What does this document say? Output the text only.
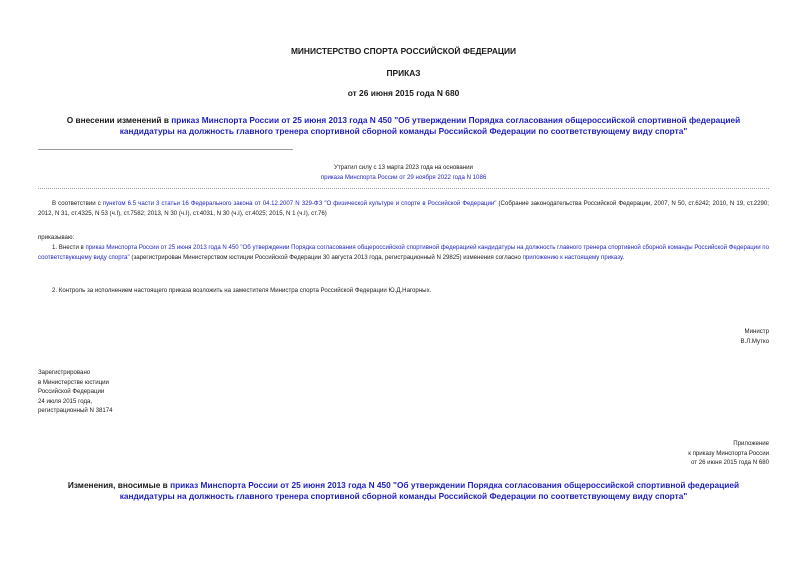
МИНИСТЕРСТВО СПОРТА РОССИЙСКОЙ ФЕДЕРАЦИИ
ПРИКАЗ
от 26 июня 2015 года N 680
О внесении изменений в приказ Минспорта России от 25 июня 2013 года N 450 "Об утверждении Порядка согласования общероссийской спортивной федерацией
кандидатуры на должность главного тренера спортивной сборной команды Российской Федерации по соответствующему виду спорта"

Утратил силу с 13 марта 2023 года на основании

приказа Минспорта России от 29 ноября 2022 года N 1086

В соответствии с пунктом 6.5 части 3 статьи 16 Федерального закона от 04.12.2007 N 329-ФЗ "О физической культуре и спорте в Российской Федерации" (Собрание законодательства Российской Федерации, 2007, N 50, ст.6242; 2010, N 19, ст.2290; 2012, N 31, ст.4325, N 53 (ч.I), ст.7582; 2013, N 30 (ч.I), ст.4031, N 30 (ч.I), ст.4025; 2015, N 1 (ч.I), ст.76)

приказываю:

1. Внести в приказ Минспорта России от 25 июня 2013 года N 450 "Об утверждении Порядка согласования общероссийской спортивной федерацией кандидатуры на должность главного тренера спортивной сборной команды Российской Федерации по соответствующему виду спорта" (зарегистрирован Министерством юстиции Российской Федерации 30 августа 2013 года, регистрационный N 29825) изменения согласно приложению к настоящему приказу.

2. Контроль за исполнением настоящего приказа возложить на заместителя Министра спорта Российской Федерации Ю.Д.Нагорных.

Министр

В.Л.Мутко

Зарегистрировано

в Министерстве юстиции

Российской Федерации

24 июля 2015 года,

регистрационный N 38174

Приложение

к приказу Минспорта России

от 26 июня 2015 года N 680

Изменения, вносимые в приказ Минспорта России от 25 июня 2013 года N 450 "Об утверждении Порядка согласования общероссийской спортивной федерацией
кандидатуры на должность главного тренера спортивной сборной команды Российской Федерации по соответствующему виду спорта"
